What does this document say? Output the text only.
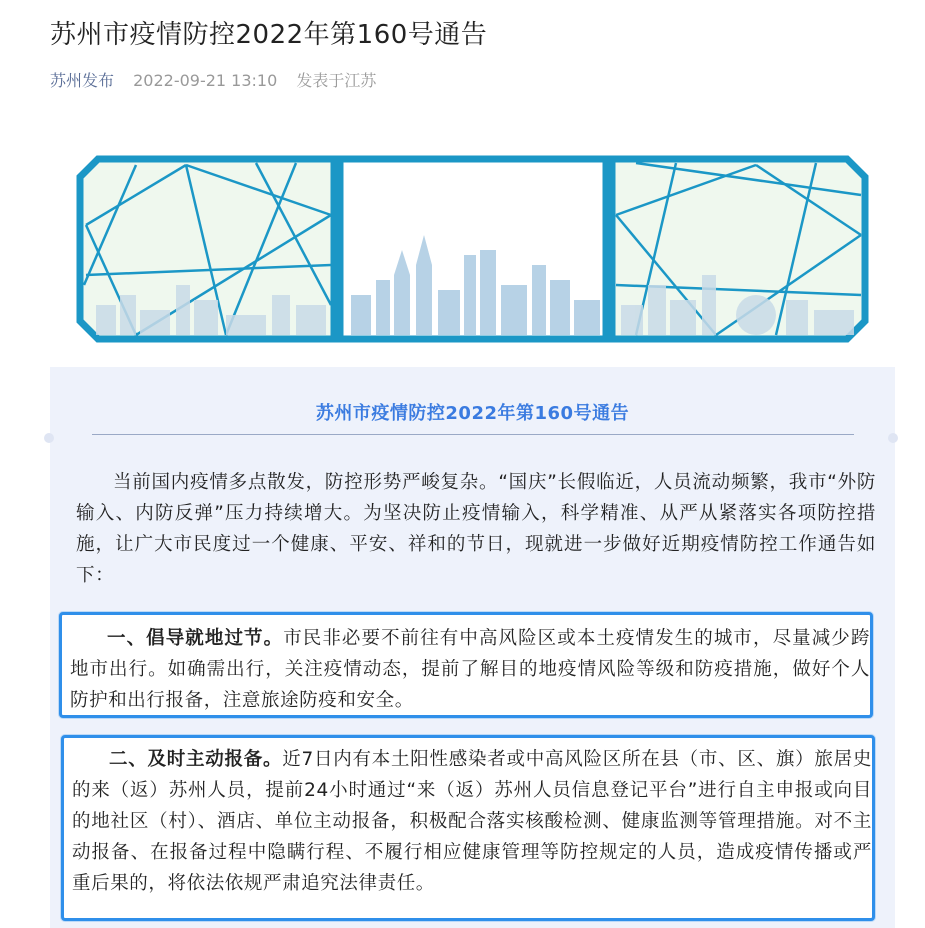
苏州市疫情防控2022年第160号通告
苏州发布 2022-09-21 13:10 发表于江苏
苏州市疫情防控2022年第160号通告
当前国内疫情多点散发，防控形势严峻复杂。“国庆”长假临近，人员流动频繁，我市“外防输入、内防反弹”压力持续增大。为坚决防止疫情输入，科学精准、从严从紧落实各项防控措施，让广大市民度过一个健康、平安、祥和的节日，现就进一步做好近期疫情防控工作通告如下：

一、倡导就地过节。市民非必要不前往有中高风险区或本土疫情发生的城市，尽量减少跨地市出行。如确需出行，关注疫情动态，提前了解目的地疫情风险等级和防疫措施，做好个人防护和出行报备，注意旅途防疫和安全。

二、及时主动报备。近7日内有本土阳性感染者或中高风险区所在县（市、区、旗）旅居史的来（返）苏州人员，提前24小时通过“来（返）苏州人员信息登记平台”进行自主申报或向目的地社区（村）、酒店、单位主动报备，积极配合落实核酸检测、健康监测等管理措施。对不主动报备、在报备过程中隐瞒行程、不履行相应健康管理等防控规定的人员，造成疫情传播或严重后果的，将依法依规严肃追究法律责任。
